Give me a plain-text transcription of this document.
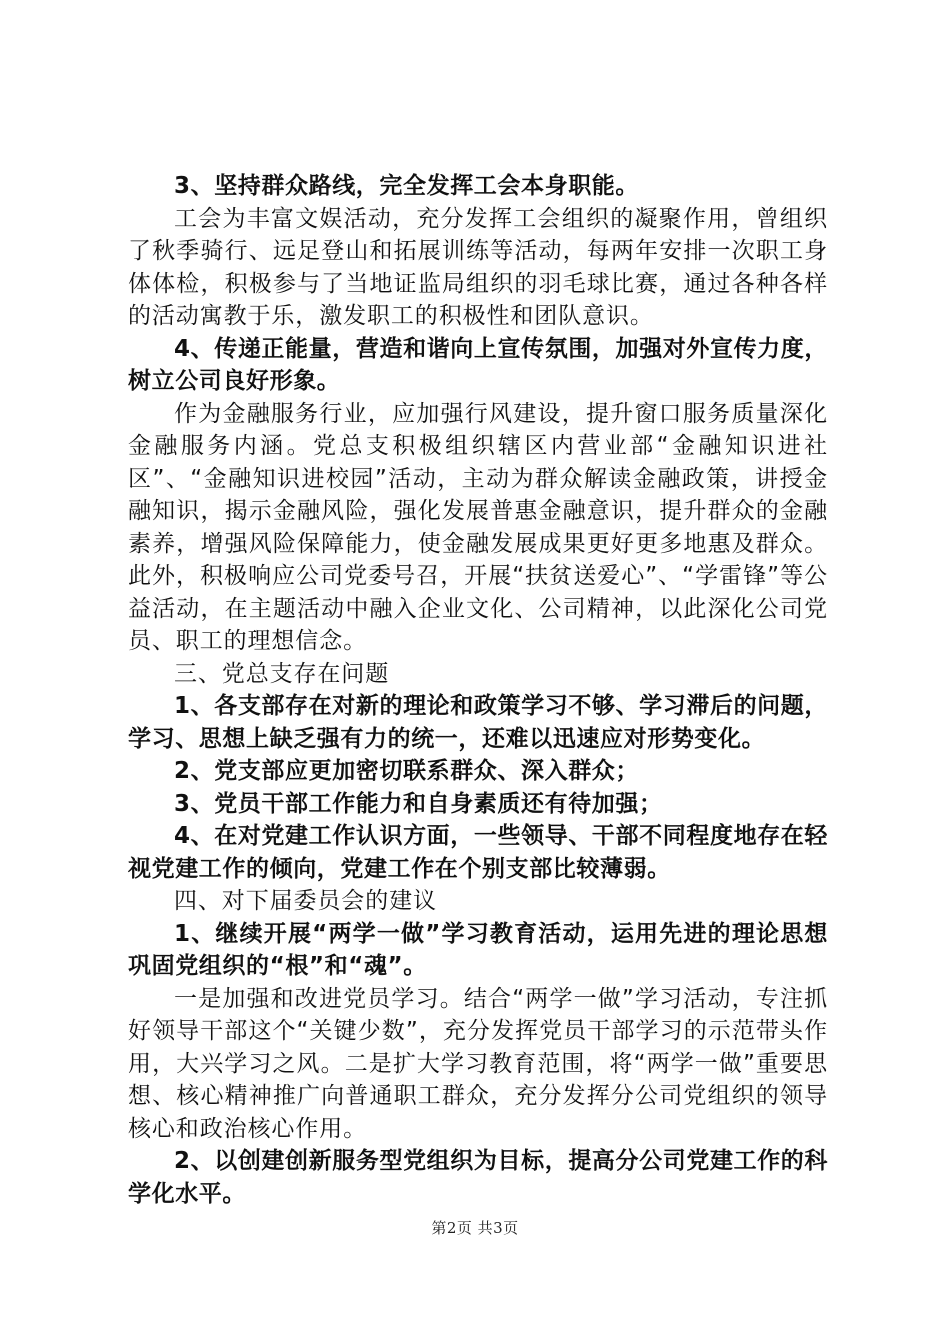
3、坚持群众路线，完全发挥工会本身职能。

工会为丰富文娱活动，充分发挥工会组织的凝聚作用，曾组织了秋季骑行、远足登山和拓展训练等活动，每两年安排一次职工身体体检，积极参与了当地证监局组织的羽毛球比赛，通过各种各样的活动寓教于乐，激发职工的积极性和团队意识。

4、传递正能量，营造和谐向上宣传氛围，加强对外宣传力度，树立公司良好形象。

作为金融服务行业，应加强行风建设，提升窗口服务质量深化金融服务内涵。党总支积极组织辖区内营业部“金融知识进社区”、“金融知识进校园”活动，主动为群众解读金融政策，讲授金融知识，揭示金融风险，强化发展普惠金融意识，提升群众的金融素养，增强风险保障能力，使金融发展成果更好更多地惠及群众。此外，积极响应公司党委号召，开展“扶贫送爱心”、“学雷锋”等公益活动，在主题活动中融入企业文化、公司精神，以此深化公司党员、职工的理想信念。

三、党总支存在问题

1、各支部存在对新的理论和政策学习不够、学习滞后的问题，学习、思想上缺乏强有力的统一，还难以迅速应对形势变化。

2、党支部应更加密切联系群众、深入群众；

3、党员干部工作能力和自身素质还有待加强；

4、在对党建工作认识方面，一些领导、干部不同程度地存在轻视党建工作的倾向，党建工作在个别支部比较薄弱。

四、对下届委员会的建议

1、继续开展“两学一做”学习教育活动，运用先进的理论思想巩固党组织的“根”和“魂”。

一是加强和改进党员学习。结合“两学一做”学习活动，专注抓好领导干部这个“关键少数”，充分发挥党员干部学习的示范带头作用，大兴学习之风。二是扩大学习教育范围，将“两学一做”重要思想、核心精神推广向普通职工群众，充分发挥分公司党组织的领导核心和政治核心作用。

2、以创建创新服务型党组织为目标，提高分公司党建工作的科学化水平。

第2页 共3页
